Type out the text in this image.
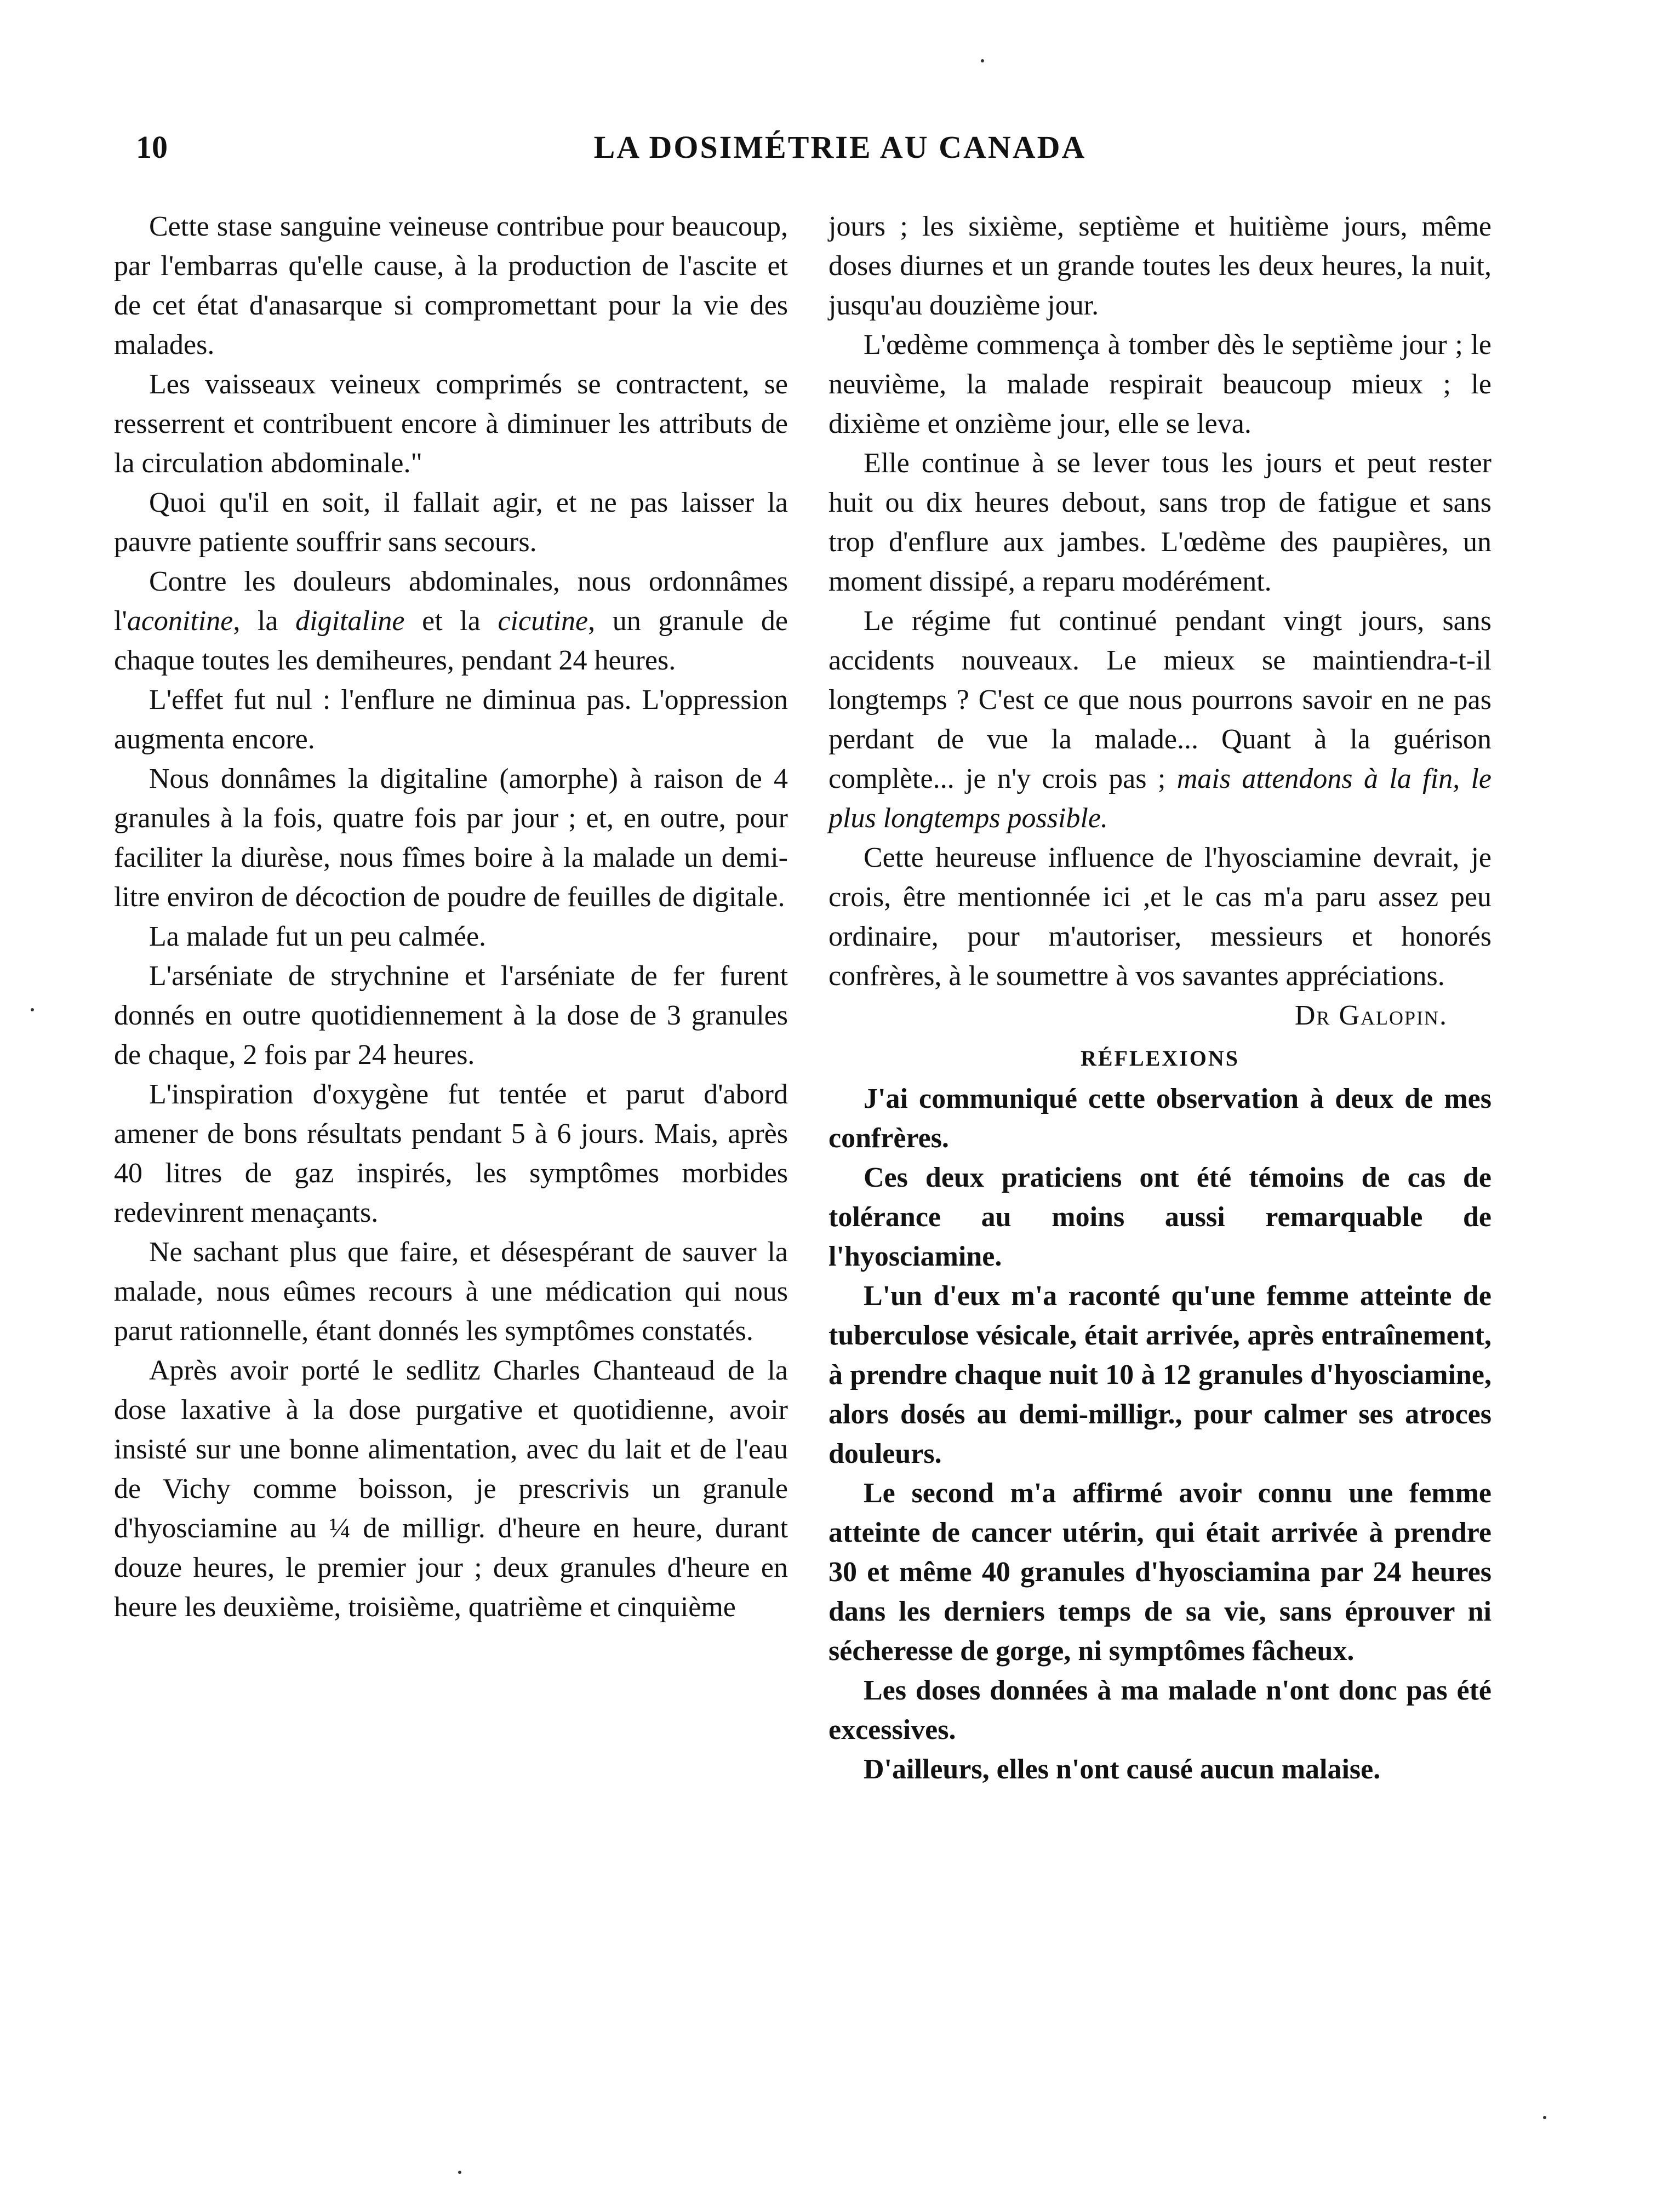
10	LA DOSIMÉTRIE AU CANADA

Cette stase sanguine veineuse contribue pour beaucoup, par l'embarras qu'elle cause, à la production de l'ascite et de cet état d'anasarque si compromettant pour la vie des malades.

Les vaisseaux veineux comprimés se contractent, se resserrent et contribuent encore à diminuer les attributs de la circulation abdominale."

Quoi qu'il en soit, il fallait agir, et ne pas laisser la pauvre patiente souffrir sans secours.

Contre les douleurs abdominales, nous ordonnâmes l'aconitine, la digitaline et la cicutine, un granule de chaque toutes les demiheures, pendant 24 heures.

L'effet fut nul : l'enflure ne diminua pas. L'oppression augmenta encore.

Nous donnâmes la digitaline (amorphe) à raison de 4 granules à la fois, quatre fois par jour ; et, en outre, pour faciliter la diurèse, nous fîmes boire à la malade un demi-litre environ de décoction de poudre de feuilles de digitale.

La malade fut un peu calmée.

L'arséniate de strychnine et l'arséniate de fer furent donnés en outre quotidiennement à la dose de 3 granules de chaque, 2 fois par 24 heures.

L'inspiration d'oxygène fut tentée et parut d'abord amener de bons résultats pendant 5 à 6 jours. Mais, après 40 litres de gaz inspirés, les symptômes morbides redevinrent menaçants.

Ne sachant plus que faire, et désespérant de sauver la malade, nous eûmes recours à une médication qui nous parut rationnelle, étant donnés les symptômes constatés.

Après avoir porté le sedlitz Charles Chanteaud de la dose laxative à la dose purgative et quotidienne, avoir insisté sur une bonne alimentation, avec du lait et de l'eau de Vichy comme boisson, je prescrivis un granule d'hyosciamine au ¼ de milligr. d'heure en heure, durant douze heures, le premier jour ; deux granules d'heure en heure les deuxième, troisième, quatrième et cinquième

jours ; les sixième, septième et huitième jours, même doses diurnes et un grande toutes les deux heures, la nuit, jusqu'au douzième jour.

L'œdème commença à tomber dès le septième jour ; le neuvième, la malade respirait beaucoup mieux ; le dixième et onzième jour, elle se leva.

Elle continue à se lever tous les jours et peut rester huit ou dix heures debout, sans trop de fatigue et sans trop d'enflure aux jambes. L'œdème des paupières, un moment dissipé, a reparu modérément.

Le régime fut continué pendant vingt jours, sans accidents nouveaux. Le mieux se maintiendra-t-il longtemps ? C'est ce que nous pourrons savoir en ne pas perdant de vue la malade... Quant à la guérison complète... je n'y crois pas ; mais attendons à la fin, le plus longtemps possible.

Cette heureuse influence de l'hyosciamine devrait, je crois, être mentionnée ici ,et le cas m'a paru assez peu ordinaire, pour m'autoriser, messieurs et honorés confrères, à le soumettre à vos savantes appréciations.

Dr Galopin.

RÉFLEXIONS

J'ai communiqué cette observation à deux de mes confrères.

Ces deux praticiens ont été témoins de cas de tolérance au moins aussi remarquable de l'hyosciamine.

L'un d'eux m'a raconté qu'une femme atteinte de tuberculose vésicale, était arrivée, après entraînement, à prendre chaque nuit 10 à 12 granules d'hyosciamine, alors dosés au demi-milligr., pour calmer ses atroces douleurs.

Le second m'a affirmé avoir connu une femme atteinte de cancer utérin, qui était arrivée à prendre 30 et même 40 granules d'hyosciamina par 24 heures dans les derniers temps de sa vie, sans éprouver ni sécheresse de gorge, ni symptômes fâcheux.

Les doses données à ma malade n'ont donc pas été excessives.

D'ailleurs, elles n'ont causé aucun malaise.
